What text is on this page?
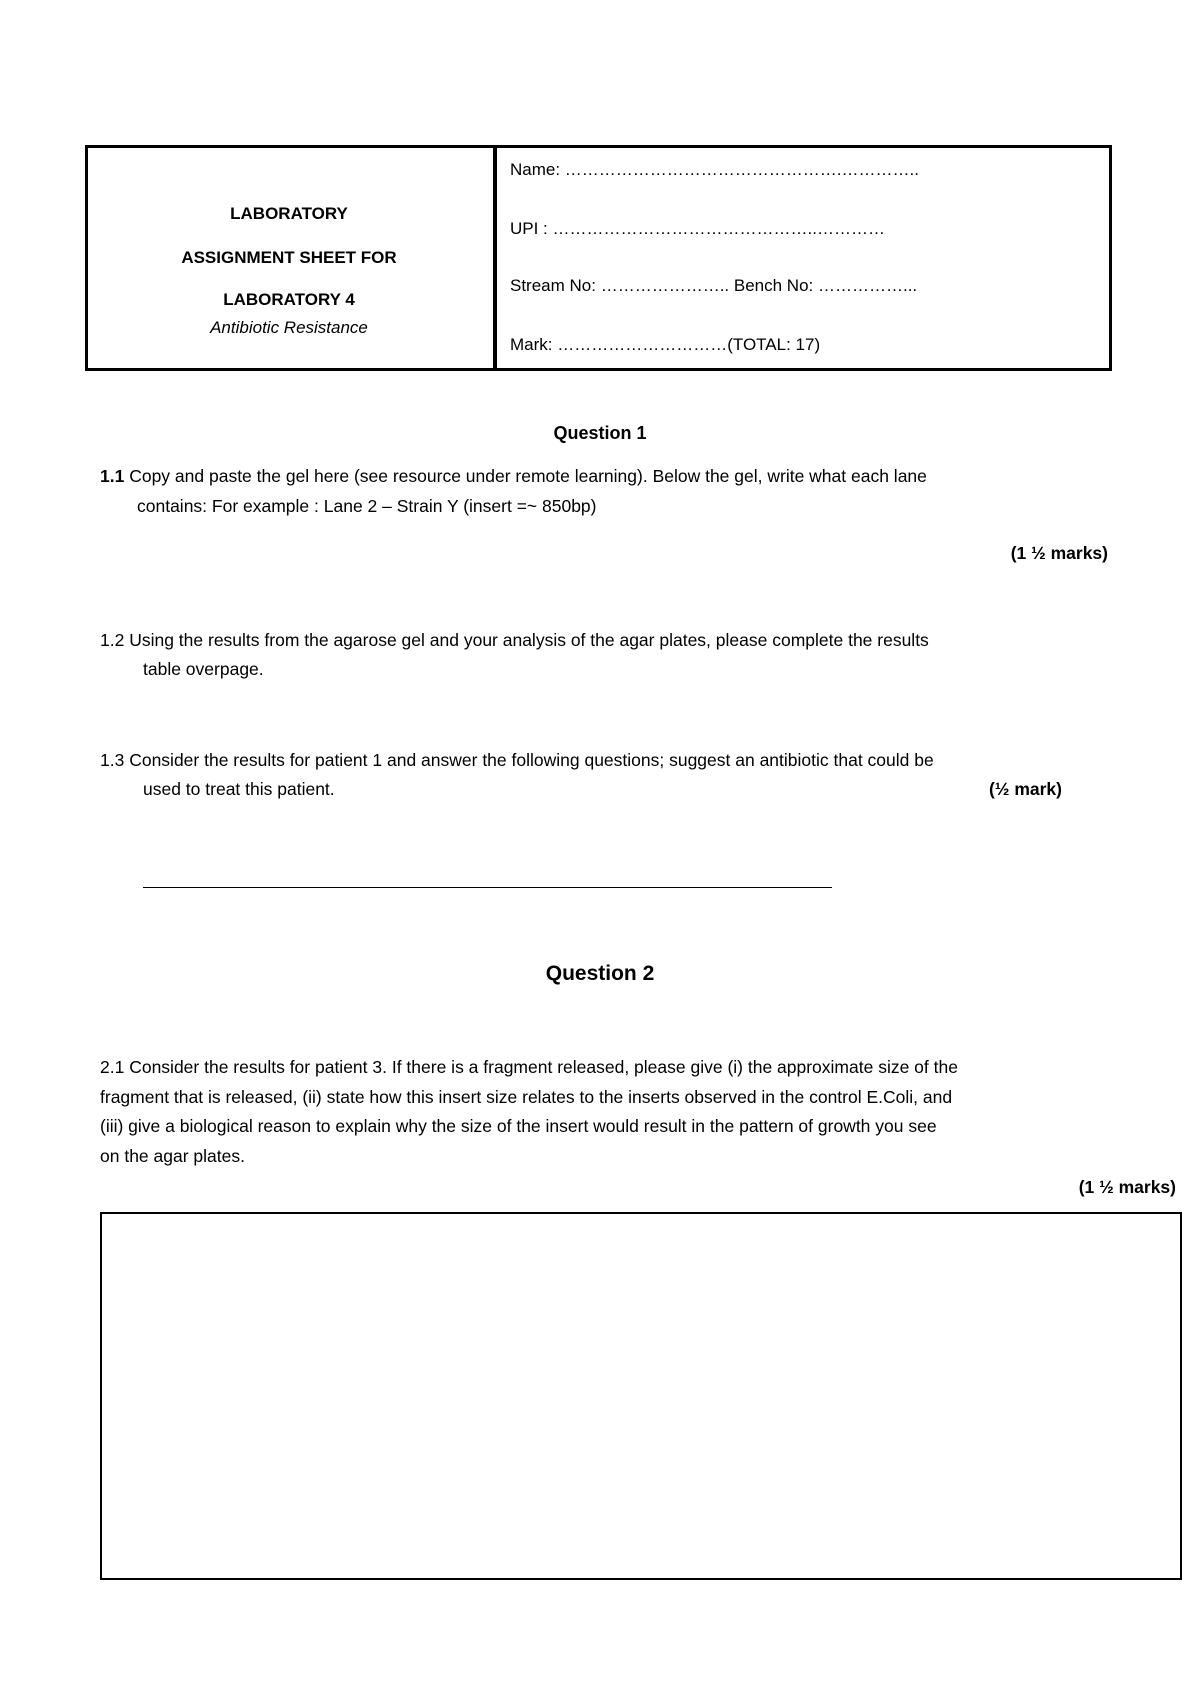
LABORATORY
ASSIGNMENT SHEET FOR
LABORATORY 4
Antibiotic Resistance
Name: ………………………………………….…………..
UPI : ………………………………………..…………
Stream No: ………………….. Bench No: ……………...
Mark: …………………………(TOTAL: 17)
Question 1
1.1 Copy and paste the gel here (see resource under remote learning). Below the gel, write what each lane
contains: For example : Lane 2 – Strain Y (insert =~ 850bp)
(1 ½ marks)
1.2 Using the results from the agarose gel and your analysis of the agar plates, please complete the results
table overpage.
1.3 Consider the results for patient 1 and answer the following questions; suggest an antibiotic that could be
used to treat this patient.	(½ mark)
Question 2
2.1 Consider the results for patient 3. If there is a fragment released, please give (i) the approximate size of the
fragment that is released, (ii) state how this insert size relates to the inserts observed in the control E.Coli, and
(iii) give a biological reason to explain why the size of the insert would result in the pattern of growth you see
on the agar plates.
(1 ½ marks)
